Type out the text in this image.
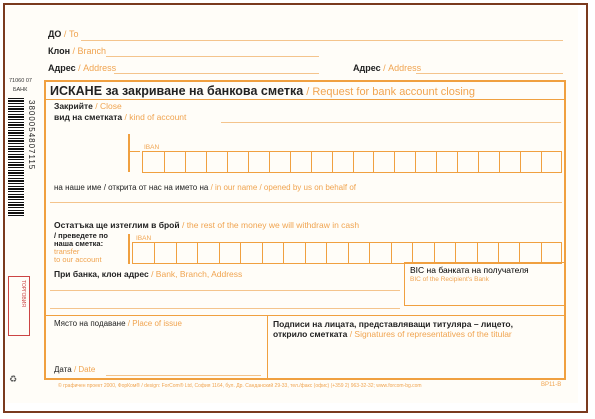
ДО / To
Клон / Branch
Адрес / Address	Адрес / Address
ИСКАНЕ за закриване на банкова сметка / Request for bank account closing
Закрийте / Close
вид на сметката / kind of account
IBAN
на наше име / открита от нас на името на / in our name / opened by us on behalf of
Остатъка ще изтеглим в брой / the rest of the money we will withdraw in cash
/ преведете по
наша сметка:
transfer
to our account
IBAN
При банка, клон адрес / Bank, Branch, Address	BIC на банката на получателя
BIC of the Recipient's Bank
Място на подаване / Place of issue	Подписи на лицата, представляващи титуляра – лицето,
открило сметката / Signatures of representatives of the titular
Дата / Date
© графичен проект 2000, ФорКом® / design: ForCom® Ltd, София 1164, бул. Др. Санданский 29-33, тел./факс (офис) (+359 2) 963-32-32; www.forcom-bg.com	BP11-B
71060 07
БАНК
3800054807115
ТОРГОВИЯ
♻
